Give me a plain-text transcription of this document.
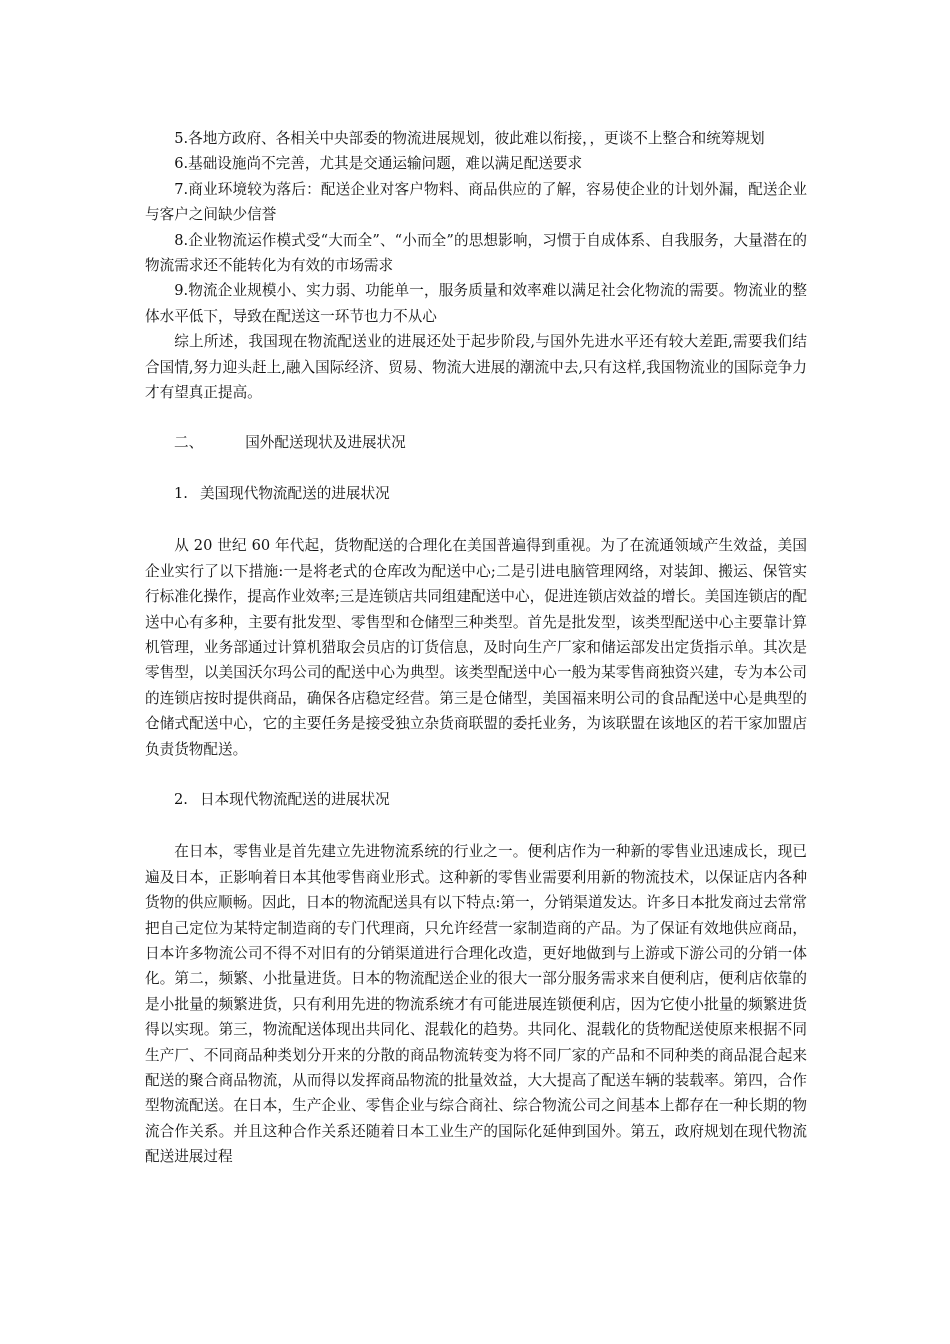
5.各地方政府、各相关中央部委的物流进展规划，彼此难以衔接，，更谈不上整合和统筹规划

6.基础设施尚不完善，尤其是交通运输问题，难以满足配送要求

7.商业环境较为落后：配送企业对客户物料、商品供应的了解，容易使企业的计划外漏，配送企业与客户之间缺少信誉

8.企业物流运作模式受“大而全”、“小而全”的思想影响，习惯于自成体系、自我服务，大量潜在的物流需求还不能转化为有效的市场需求

9.物流企业规模小、实力弱、功能单一，服务质量和效率难以满足社会化物流的需要。物流业的整体水平低下，导致在配送这一环节也力不从心

综上所述，我国现在物流配送业的进展还处于起步阶段,与国外先进水平还有较大差距,需要我们结合国情,努力迎头赶上,融入国际经济、贸易、物流大进展的潮流中去,只有这样,我国物流业的国际竞争力才有望真正提高。

二、	国外配送现状及进展状况
1. 美国现代物流配送的进展状况

从 20 世纪 60 年代起，货物配送的合理化在美国普遍得到重视。为了在流通领域产生效益，美国企业实行了以下措施:一是将老式的仓库改为配送中心;二是引进电脑管理网络，对装卸、搬运、保管实行标准化操作，提高作业效率;三是连锁店共同组建配送中心，促进连锁店效益的增长。美国连锁店的配送中心有多种，主要有批发型、零售型和仓储型三种类型。首先是批发型，该类型配送中心主要靠计算机管理，业务部通过计算机猎取会员店的订货信息，及时向生产厂家和储运部发出定货指示单。其次是零售型，以美国沃尔玛公司的配送中心为典型。该类型配送中心一般为某零售商独资兴建，专为本公司的连锁店按时提供商品，确保各店稳定经营。第三是仓储型，美国福来明公司的食品配送中心是典型的仓储式配送中心，它的主要任务是接受独立杂货商联盟的委托业务，为该联盟在该地区的若干家加盟店负责货物配送。

2. 日本现代物流配送的进展状况

在日本，零售业是首先建立先进物流系统的行业之一。便利店作为一种新的零售业迅速成长，现已遍及日本，正影响着日本其他零售商业形式。这种新的零售业需要利用新的物流技术，以保证店内各种货物的供应顺畅。因此，日本的物流配送具有以下特点:第一，分销渠道发达。许多日本批发商过去常常把自己定位为某特定制造商的专门代理商，只允许经营一家制造商的产品。为了保证有效地供应商品，日本许多物流公司不得不对旧有的分销渠道进行合理化改造，更好地做到与上游或下游公司的分销一体化。第二，频繁、小批量进货。日本的物流配送企业的很大一部分服务需求来自便利店，便利店依靠的是小批量的频繁进货，只有利用先进的物流系统才有可能进展连锁便利店，因为它使小批量的频繁进货得以实现。第三，物流配送体现出共同化、混载化的趋势。共同化、混载化的货物配送使原来根据不同生产厂、不同商品种类划分开来的分散的商品物流转变为将不同厂家的产品和不同种类的商品混合起来配送的聚合商品物流，从而得以发挥商品物流的批量效益，大大提高了配送车辆的装载率。第四，合作型物流配送。在日本，生产企业、零售企业与综合商社、综合物流公司之间基本上都存在一种长期的物流合作关系。并且这种合作关系还随着日本工业生产的国际化延伸到国外。第五，政府规划在现代物流配送进展过程
